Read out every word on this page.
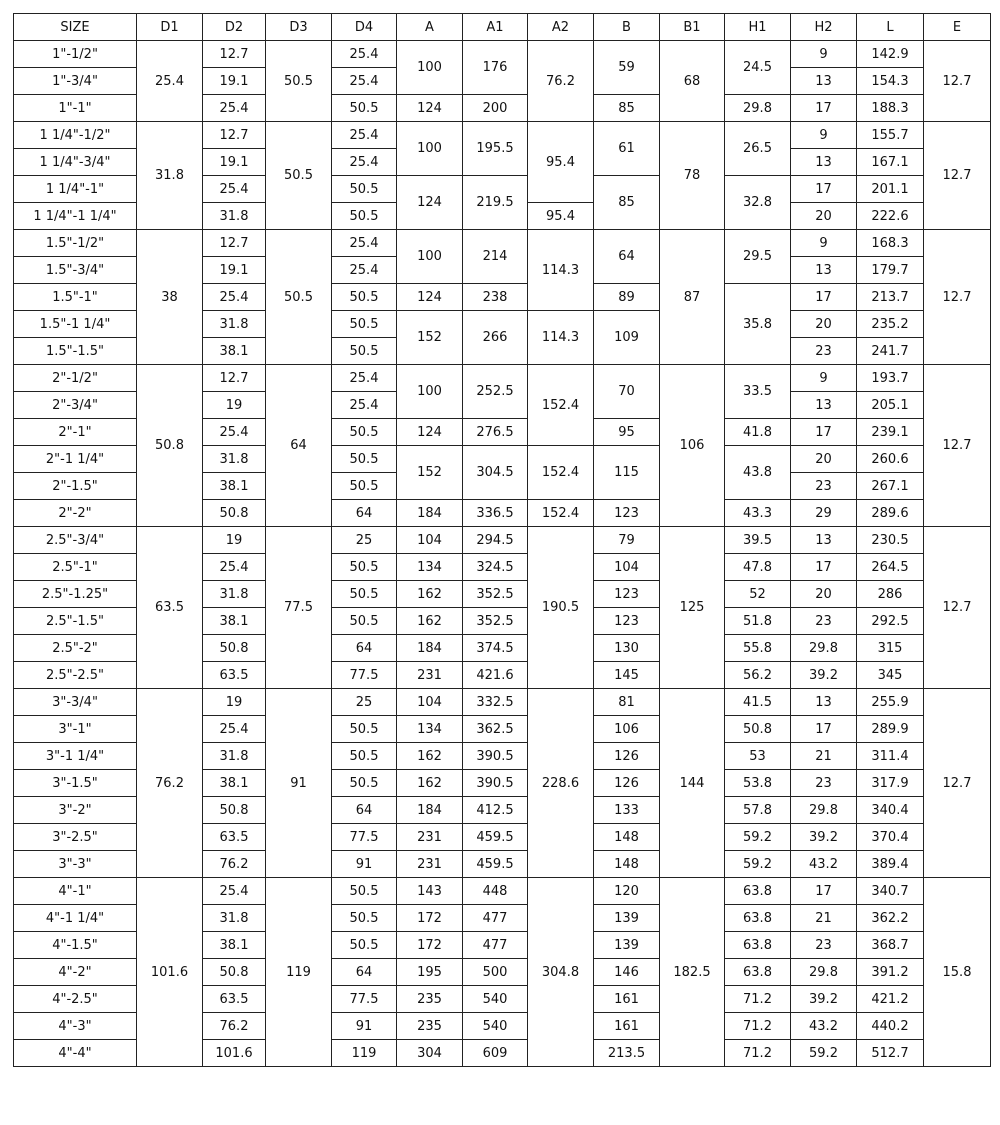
SIZE	D1	D2	D3	D4	A	A1	A2	B	B1	H1	H2	L	E
1"-1/2"	25.4	12.7	50.5	25.4	100	176	76.2	59	68	24.5	9	142.9	12.7
1"-3/4"		19.1		25.4							13	154.3	
1"-1"		25.4		50.5	124	200		85		29.8	17	188.3	
1 1/4"-1/2"	31.8	12.7	50.5	25.4	100	195.5	95.4	61	78	26.5	9	155.7	12.7
1 1/4"-3/4"		19.1		25.4							13	167.1	
1 1/4"-1"		25.4		50.5	124	219.5		85		32.8	17	201.1	
1 1/4"-1 1/4"		31.8		50.5			95.4				20	222.6	
1.5"-1/2"	38	12.7	50.5	25.4	100	214	114.3	64	87	29.5	9	168.3	12.7
1.5"-3/4"		19.1		25.4							13	179.7	
1.5"-1"		25.4		50.5	124	238		89		35.8	17	213.7	
1.5"-1 1/4"		31.8		50.5	152	266	114.3	109			20	235.2	
1.5"-1.5"		38.1		50.5							23	241.7	
2"-1/2"	50.8	12.7	64	25.4	100	252.5	152.4	70	106	33.5	9	193.7	12.7
2"-3/4"		19		25.4							13	205.1	
2"-1"		25.4		50.5	124	276.5		95		41.8	17	239.1	
2"-1 1/4"		31.8		50.5	152	304.5	152.4	115		43.8	20	260.6	
2"-1.5"		38.1		50.5							23	267.1	
2"-2"		50.8		64	184	336.5	152.4	123		43.3	29	289.6	
2.5"-3/4"	63.5	19	77.5	25	104	294.5	190.5	79	125	39.5	13	230.5	12.7
2.5"-1"		25.4		50.5	134	324.5		104		47.8	17	264.5	
2.5"-1.25"		31.8		50.5	162	352.5		123		52	20	286	
2.5"-1.5"		38.1		50.5	162	352.5		123		51.8	23	292.5	
2.5"-2"		50.8		64	184	374.5		130		55.8	29.8	315	
2.5"-2.5"		63.5		77.5	231	421.6		145		56.2	39.2	345	
3"-3/4"	76.2	19	91	25	104	332.5	228.6	81	144	41.5	13	255.9	12.7
3"-1"		25.4		50.5	134	362.5		106		50.8	17	289.9	
3"-1 1/4"		31.8		50.5	162	390.5		126		53	21	311.4	
3"-1.5"		38.1		50.5	162	390.5		126		53.8	23	317.9	
3"-2"		50.8		64	184	412.5		133		57.8	29.8	340.4	
3"-2.5"		63.5		77.5	231	459.5		148		59.2	39.2	370.4	
3"-3"		76.2		91	231	459.5		148		59.2	43.2	389.4	
4"-1"	101.6	25.4	119	50.5	143	448	304.8	120	182.5	63.8	17	340.7	15.8
4"-1 1/4"		31.8		50.5	172	477		139		63.8	21	362.2	
4"-1.5"		38.1		50.5	172	477		139		63.8	23	368.7	
4"-2"		50.8		64	195	500		146		63.8	29.8	391.2	
4"-2.5"		63.5		77.5	235	540		161		71.2	39.2	421.2	
4"-3"		76.2		91	235	540		161		71.2	43.2	440.2	
4"-4"		101.6		119	304	609		213.5		71.2	59.2	512.7	
